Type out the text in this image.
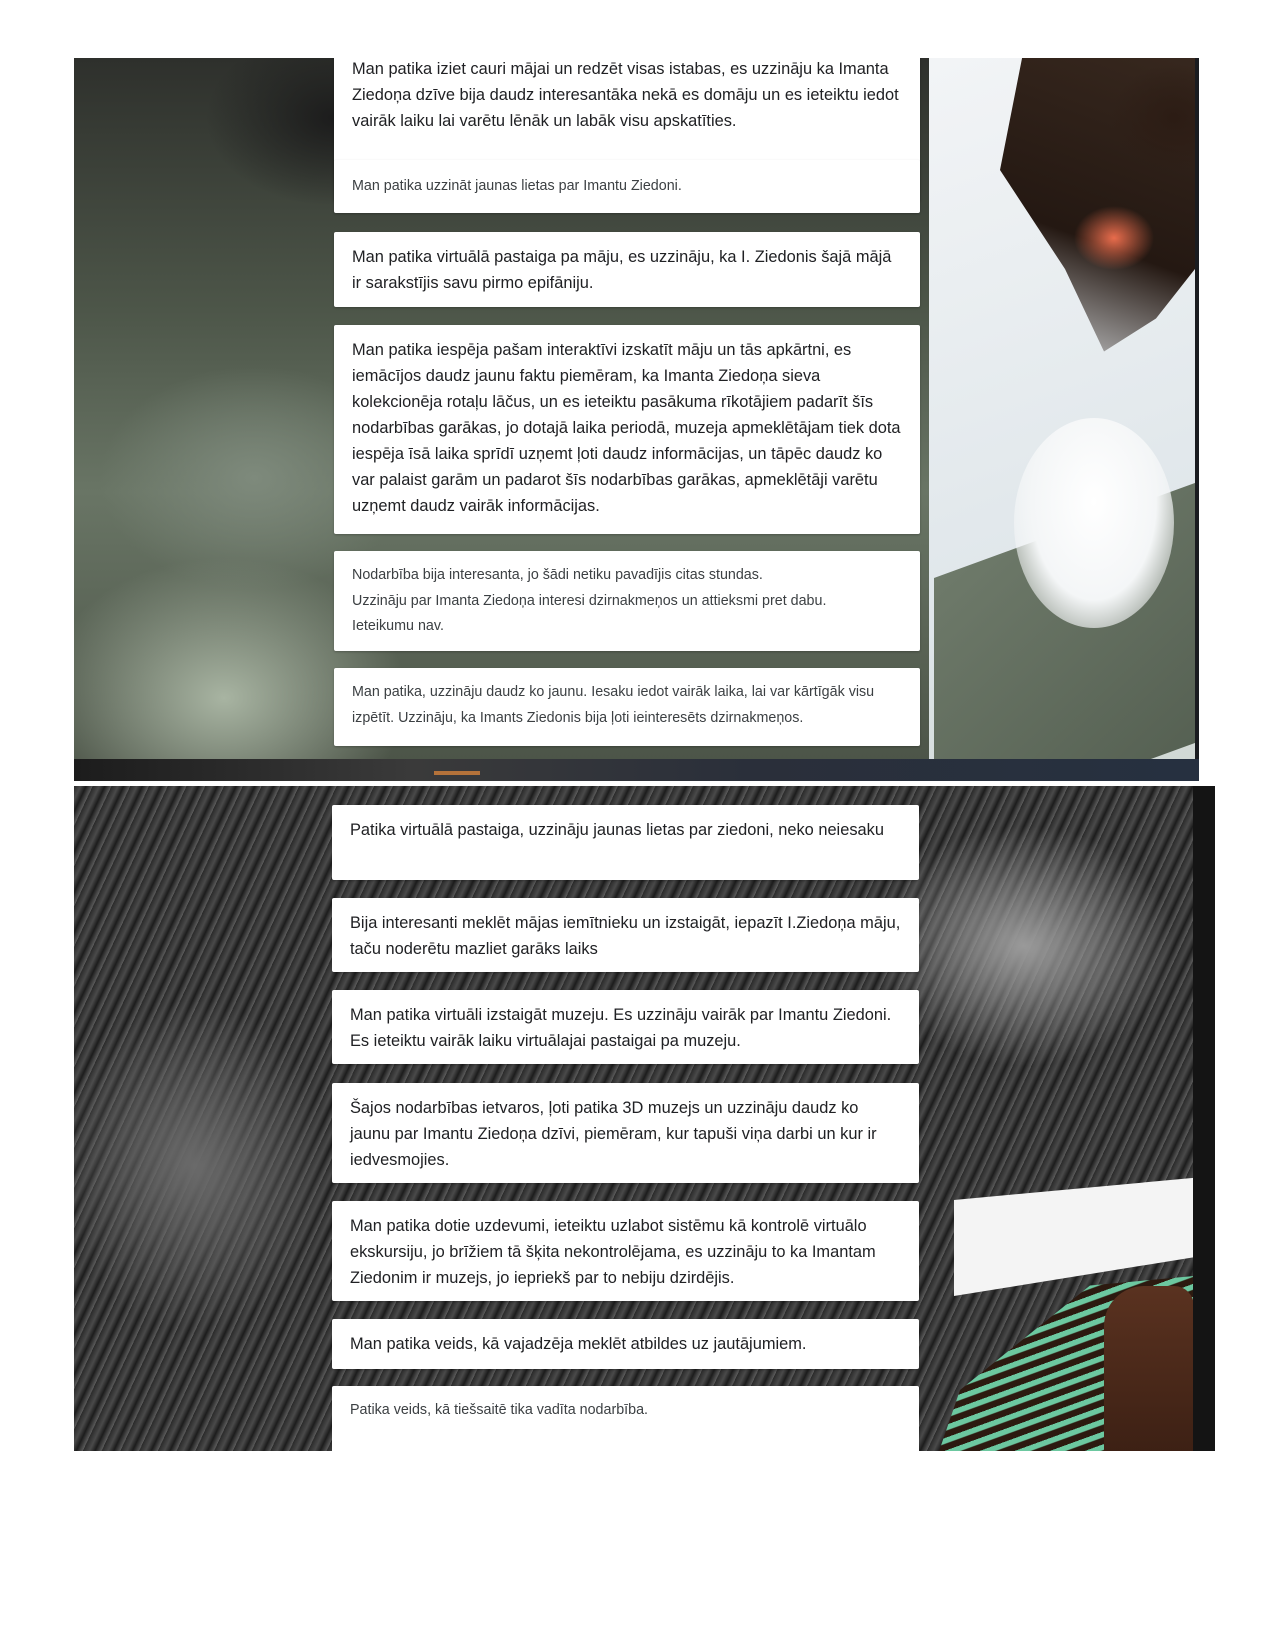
Man patika iziet cauri mājai un redzēt visas istabas, es uzzināju ka Imanta Ziedoņa dzīve bija daudz interesantāka nekā es domāju un es ieteiktu iedot vairāk laiku lai varētu lēnāk un labāk visu apskatīties.

Man patika uzzināt jaunas lietas par Imantu Ziedoni.

Man patika virtuālā pastaiga pa māju, es uzzināju, ka I. Ziedonis šajā mājā ir sarakstījis savu pirmo epifāniju.

Man patika iespēja pašam interaktīvi izskatīt māju un tās apkārtni, es iemācījos daudz jaunu faktu piemēram, ka Imanta Ziedoņa sieva kolekcionēja rotaļu lāčus, un es ieteiktu pasākuma rīkotājiem padarīt šīs nodarbības garākas, jo dotajā laika periodā, muzeja apmeklētājam tiek dota iespēja īsā laika sprīdī uzņemt ļoti daudz informācijas, un tāpēc daudz ko var palaist garām un padarot šīs nodarbības garākas, apmeklētāji varētu uzņemt daudz vairāk informācijas.

Nodarbība bija interesanta, jo šādi netiku pavadījis citas stundas.

Uzzināju par Imanta Ziedoņa interesi dzirnakmeņos un attieksmi pret dabu.

Ieteikumu nav.

Man patika, uzzināju daudz ko jaunu. Iesaku iedot vairāk laika, lai var kārtīgāk visu izpētīt. Uzzināju, ka Imants Ziedonis bija ļoti ieinteresēts dzirnakmeņos.

Patika virtuālā pastaiga, uzzināju jaunas lietas par ziedoni, neko neiesaku

Bija interesanti meklēt mājas iemītnieku un izstaigāt, iepazīt I.Ziedoņa māju, taču noderētu mazliet garāks laiks

Man patika virtuāli izstaigāt muzeju. Es uzzināju vairāk par Imantu Ziedoni. Es ieteiktu vairāk laiku virtuālajai pastaigai pa muzeju.

Šajos nodarbības ietvaros, ļoti patika 3D muzejs un uzzināju daudz ko jaunu par Imantu Ziedoņa dzīvi, piemēram, kur tapuši viņa darbi un kur ir iedvesmojies.

Man patika dotie uzdevumi, ieteiktu uzlabot sistēmu kā kontrolē virtuālo ekskursiju, jo brīžiem tā šķita nekontrolējama, es uzzināju to ka Imantam Ziedonim ir muzejs, jo iepriekš par to nebiju dzirdējis.

Man patika veids, kā vajadzēja meklēt atbildes uz jautājumiem.

Patika veids, kā tiešsaitē tika vadīta nodarbība.
